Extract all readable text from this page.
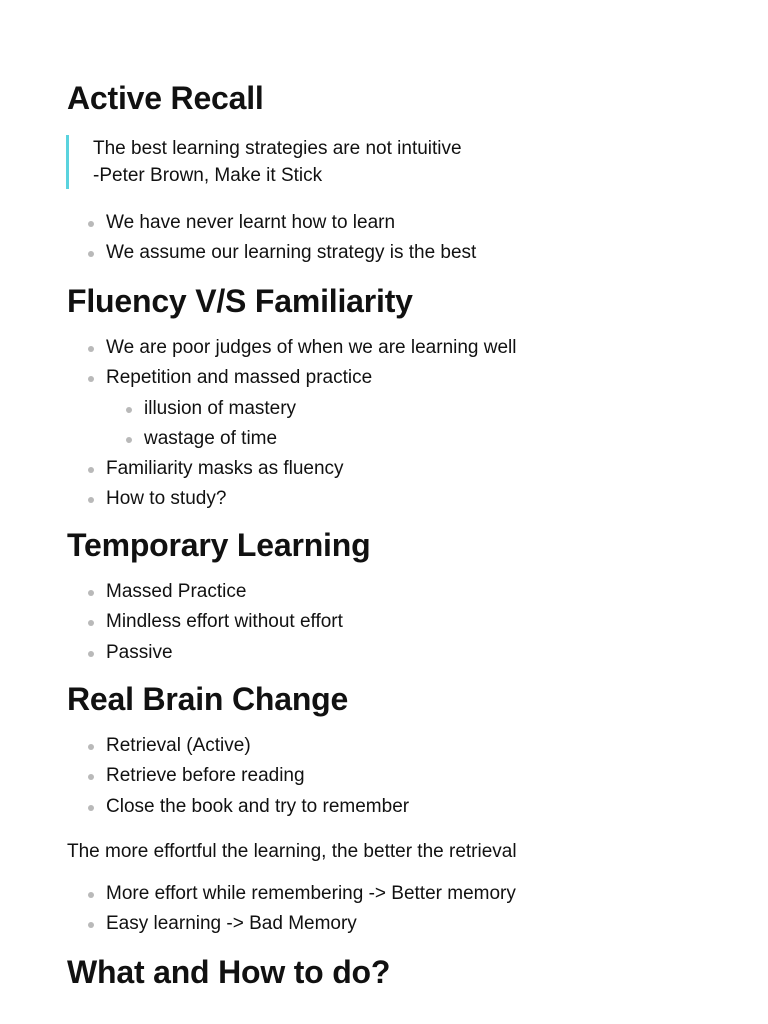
Active Recall
The best learning strategies are not intuitive
-Peter Brown, Make it Stick
We have never learnt how to learn
We assume our learning strategy is the best
Fluency V/S Familiarity
We are poor judges of when we are learning well
Repetition and massed practice
illusion of mastery
wastage of time
Familiarity masks as fluency
How to study?
Temporary Learning
Massed Practice
Mindless effort without effort
Passive
Real Brain Change
Retrieval (Active)
Retrieve before reading
Close the book and try to remember

The more effortful the learning, the better the retrieval

More effort while remembering -> Better memory
Easy learning -> Bad Memory
What and How to do?
